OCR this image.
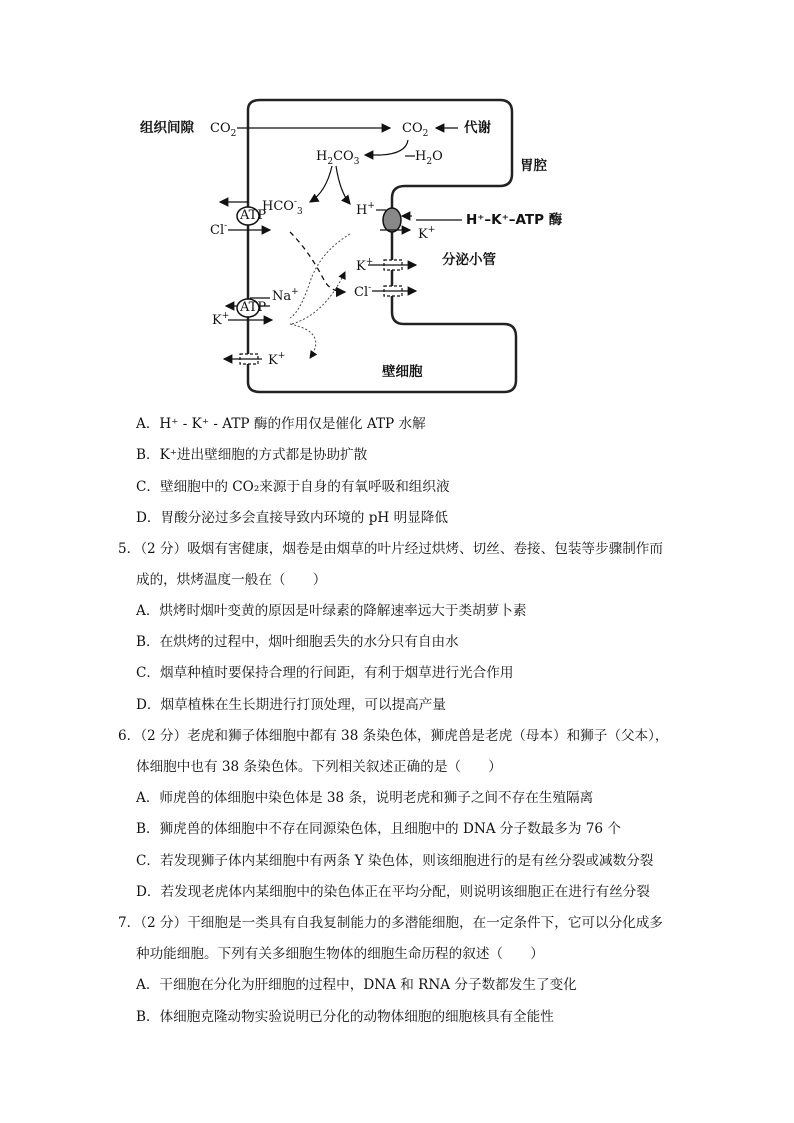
组织间隙 $CO_2$	$CO_2$	代谢
胃腔
$H_2CO_3$	$H_2O$
$HCO^-_3$	H+
ATP
Cl-	H⁺–K⁺–ATP 酶
K+
分泌小管
K+
Cl-
Na+
ATP
K+
K+
壁细胞
A．H⁺ - K⁺ - ATP 酶的作用仅是催化 ATP 水解
B．K⁺进出壁细胞的方式都是协助扩散
C．壁细胞中的 CO₂来源于自身的有氧呼吸和组织液
D．胃酸分泌过多会直接导致内环境的 pH 明显降低
5．（2 分）吸烟有害健康，烟卷是由烟草的叶片经过烘烤、切丝、卷接、包装等步骤制作而
成的，烘烤温度一般在（　　）
A．烘烤时烟叶变黄的原因是叶绿素的降解速率远大于类胡萝卜素
B．在烘烤的过程中，烟叶细胞丢失的水分只有自由水
C．烟草种植时要保持合理的行间距，有利于烟草进行光合作用
D．烟草植株在生长期进行打顶处理，可以提高产量
6．（2 分）老虎和狮子体细胞中都有 38 条染色体，狮虎兽是老虎（母本）和狮子（父本），
体细胞中也有 38 条染色体。下列相关叙述正确的是（　　）
A．师虎兽的体细胞中染色体是 38 条，说明老虎和狮子之间不存在生殖隔离
B．狮虎兽的体细胞中不存在同源染色体，且细胞中的 DNA 分子数最多为 76 个
C．若发现狮子体内某细胞中有两条 Y 染色体，则该细胞进行的是有丝分裂或减数分裂
D．若发现老虎体内某细胞中的染色体正在平均分配，则说明该细胞正在进行有丝分裂
7．（2 分）干细胞是一类具有自我复制能力的多潜能细胞，在一定条件下，它可以分化成多
种功能细胞。下列有关多细胞生物体的细胞生命历程的叙述（　　）
A．干细胞在分化为肝细胞的过程中，DNA 和 RNA 分子数都发生了变化
B．体细胞克隆动物实验说明已分化的动物体细胞的细胞核具有全能性
